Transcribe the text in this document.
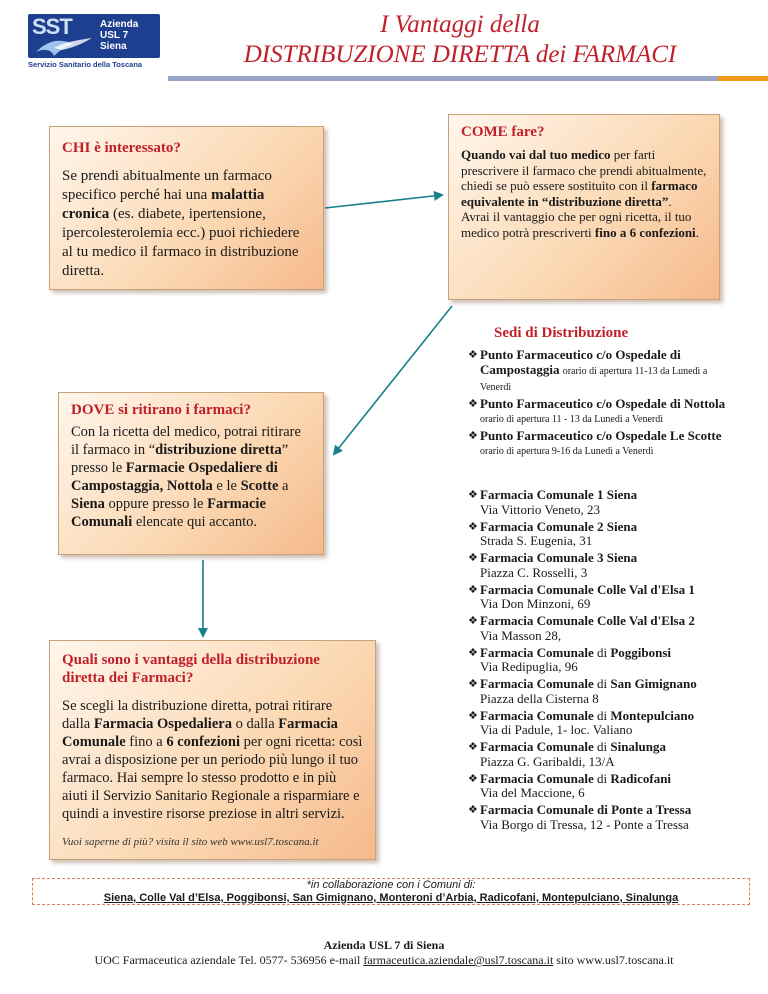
SST	Azienda
USL 7
Siena
Servizio Sanitario della Toscana
I Vantaggi della
DISTRIBUZIONE DIRETTA dei FARMACI
CHI è interessato?

Se prendi abitualmente un farmaco specifico perché hai una malattia cronica (es. diabete, ipertensione, ipercolesterolemia ecc.) puoi richiedere al tu medico il farmaco in distribuzione diretta.

COME fare?

Quando vai dal tuo medico per farti prescrivere il farmaco che prendi abitualmente, chiedi se può essere sostituito con il farmaco equivalente in “distribuzione diretta”.

Avrai il vantaggio che per ogni ricetta, il tuo medico potrà prescriverti fino a 6 confezioni.

DOVE si ritirano i farmaci?

Con la ricetta del medico, potrai ritirare il farmaco in “distribuzione diretta” presso le Farmacie Ospedaliere di Campostaggia, Nottola e le Scotte a Siena oppure presso le Farmacie Comunali elencate qui accanto.

Quali sono i vantaggi della distribuzione diretta dei Farmaci?

Se scegli la distribuzione diretta, potrai ritirare dalla Farmacia Ospedaliera o dalla Farmacia Comunale fino a 6 confezioni per ogni ricetta: così avrai a disposizione per un periodo più lungo il tuo farmaco. Hai sempre lo stesso prodotto e in più aiuti il Servizio Sanitario Regionale a risparmiare e quindi a investire risorse preziose in altri servizi.

Vuoi saperne di più? visita il sito web www.usl7.toscana.it
Sedi di Distribuzione
❖ Punto Farmaceutico c/o Ospedale di Campostaggia orario di apertura 11-13 da Lunedì a Venerdì
❖ Punto Farmaceutico c/o Ospedale di Nottola orario di apertura 11 - 13 da Lunedì a Venerdì
❖ Punto Farmaceutico c/o Ospedale Le Scotte orario di apertura 9-16 da Lunedì a Venerdì
❖ Farmacia Comunale 1 Siena
Via Vittorio Veneto, 23
❖ Farmacia Comunale 2 Siena
Strada S. Eugenia, 31
❖ Farmacia Comunale 3 Siena
Piazza C. Rosselli, 3
❖ Farmacia Comunale Colle Val d'Elsa 1
Via Don Minzoni, 69
❖ Farmacia Comunale Colle Val d'Elsa 2
Via Masson 28,
❖ Farmacia Comunale di Poggibonsi
Via Redipuglia, 96
❖ Farmacia Comunale di San Gimignano
Piazza della Cisterna 8
❖ Farmacia Comunale di Montepulciano
Via di Padule, 1- loc. Valiano
❖ Farmacia Comunale di Sinalunga
Piazza G. Garibaldi, 13/A
❖ Farmacia Comunale di Radicofani
Via del Maccione, 6
❖ Farmacia Comunale di Ponte a Tressa
Via Borgo di Tressa, 12 - Ponte a Tressa
*in collaborazione con i Comuni di:
Siena, Colle Val d’Elsa, Poggibonsi, San Gimignano, Monteroni d’Arbia, Radicofani, Montepulciano, Sinalunga
Azienda USL 7 di Siena
UOC Farmaceutica aziendale Tel. 0577- 536956 e-mail farmaceutica.aziendale@usl7.toscana.it sito www.usl7.toscana.it
